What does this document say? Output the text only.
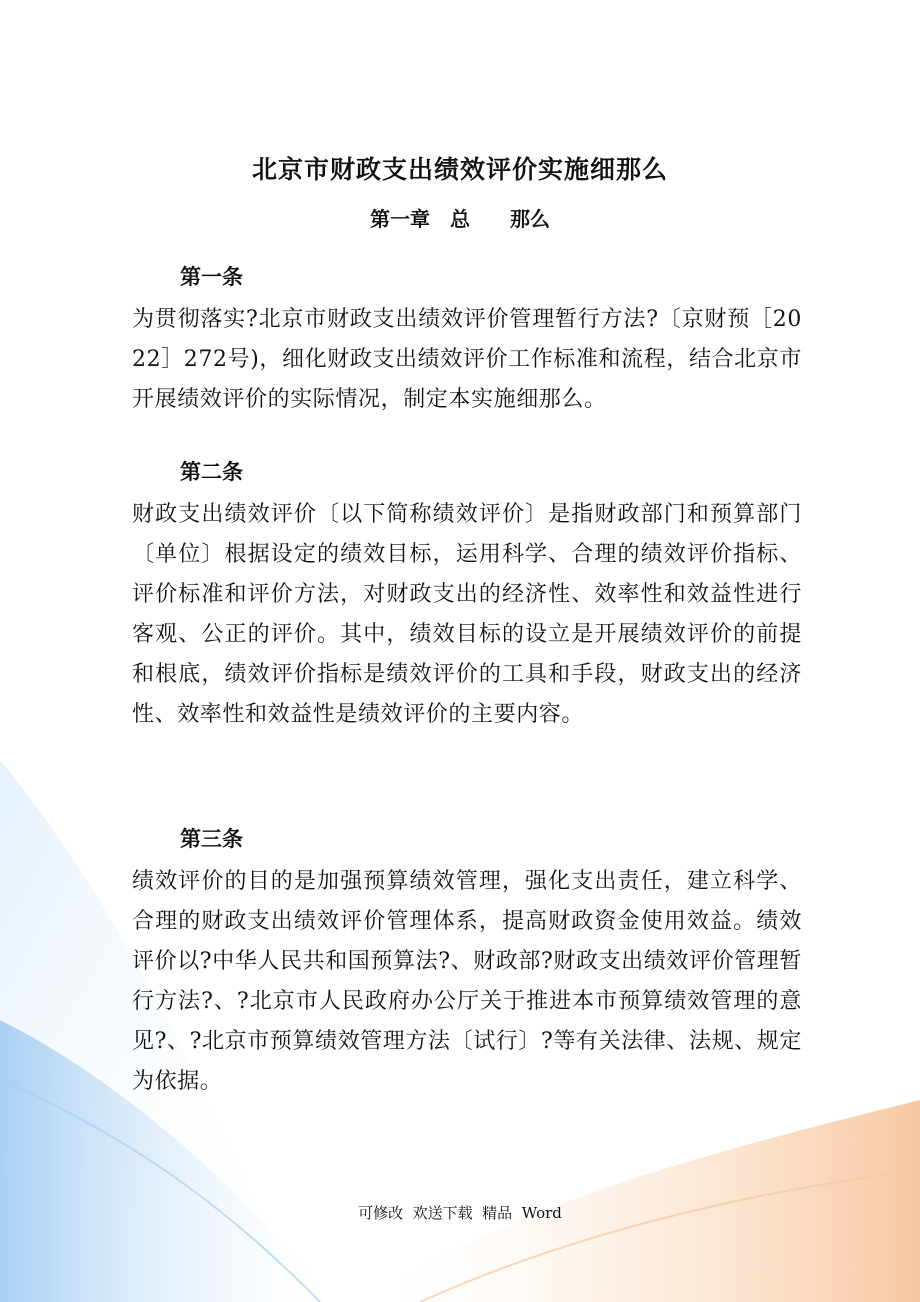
北京市财政支出绩效评价实施细那么
第一章　总　　那么
第一条

为贯彻落实?北京市财政支出绩效评价管理暂行方法?〔京财预［2022］272号)，细化财政支出绩效评价工作标准和流程，结合北京市开展绩效评价的实际情况，制定本实施细那么。

第二条

财政支出绩效评价〔以下简称绩效评价〕是指财政部门和预算部门〔单位〕根据设定的绩效目标，运用科学、合理的绩效评价指标、评价标准和评价方法，对财政支出的经济性、效率性和效益性进行客观、公正的评价。其中，绩效目标的设立是开展绩效评价的前提和根底，绩效评价指标是绩效评价的工具和手段，财政支出的经济性、效率性和效益性是绩效评价的主要内容。

第三条

绩效评价的目的是加强预算绩效管理，强化支出责任，建立科学、合理的财政支出绩效评价管理体系，提高财政资金使用效益。绩效评价以?中华人民共和国预算法?、财政部?财政支出绩效评价管理暂行方法?、?北京市人民政府办公厅关于推进本市预算绩效管理的意见?、?北京市预算绩效管理方法〔试行〕?等有关法律、法规、规定为依据。

可修改  欢送下载  精品  Word
